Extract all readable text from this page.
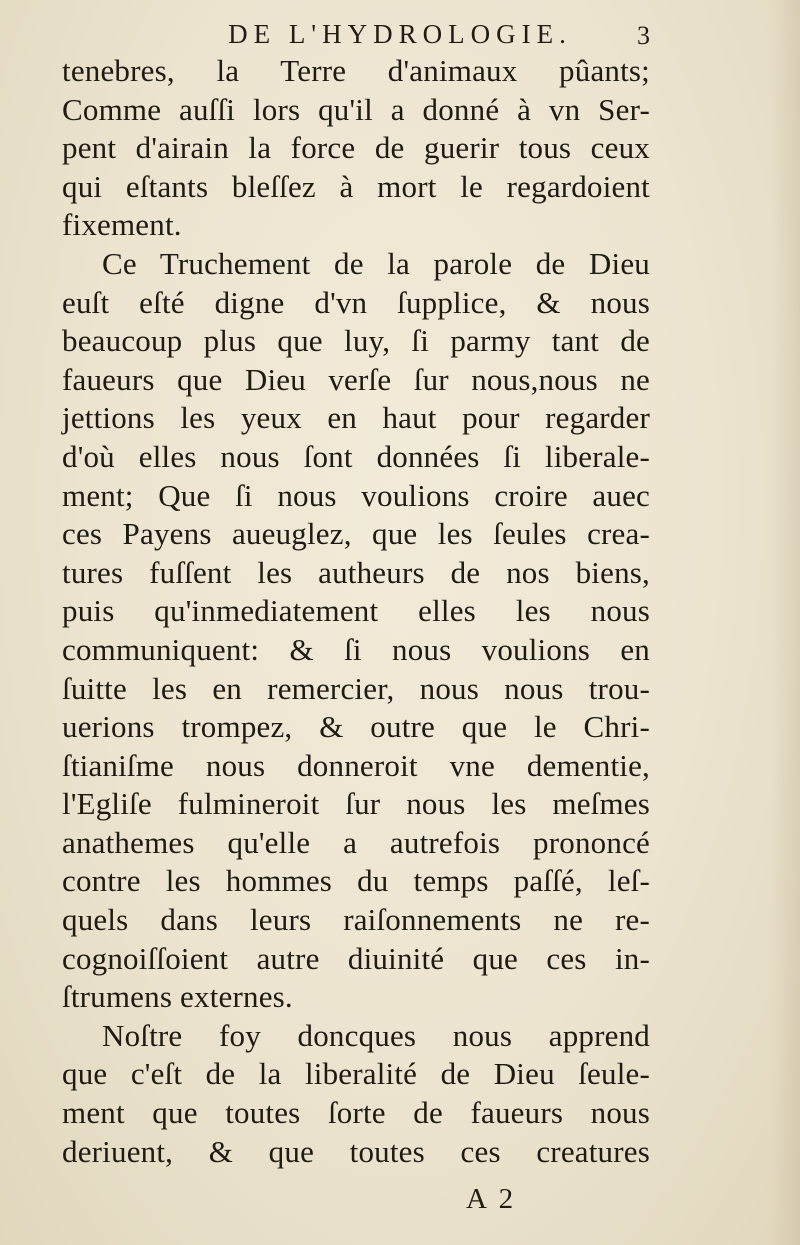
DE L'HYDROLOGIE.	3
tenebres, la Terre d'animaux pûants;
Comme auſſi lors qu'il a donné à vn Ser-
pent d'airain la force de guerir tous ceux
qui eſtants bleſſez à mort le regardoient
fixement.
Ce Truchement de la parole de Dieu
euſt eſté digne d'vn ſupplice, & nous
beaucoup plus que luy, ſi parmy tant de
faueurs que Dieu verſe ſur nous,nous ne
jettions les yeux en haut pour regarder
d'où elles nous ſont données ſi liberale-
ment; Que ſi nous voulions croire auec
ces Payens aueuglez, que les ſeules crea-
tures fuſſent les autheurs de nos biens,
puis qu'inmediatement elles les nous
communiquent: & ſi nous voulions en
ſuitte les en remercier, nous nous trou-
uerions trompez, & outre que le Chri-
ſtianiſme nous donneroit vne dementie,
l'Egliſe fulmineroit ſur nous les meſmes
anathemes qu'elle a autrefois prononcé
contre les hommes du temps paſſé, leſ-
quels dans leurs raiſonnements ne re-
cognoiſſoient autre diuinité que ces in-
ſtrumens externes.
Noſtre foy doncques nous apprend
que c'eſt de la liberalité de Dieu ſeule-
ment que toutes ſorte de faueurs nous
deriuent, & que toutes ces creatures
A 2
